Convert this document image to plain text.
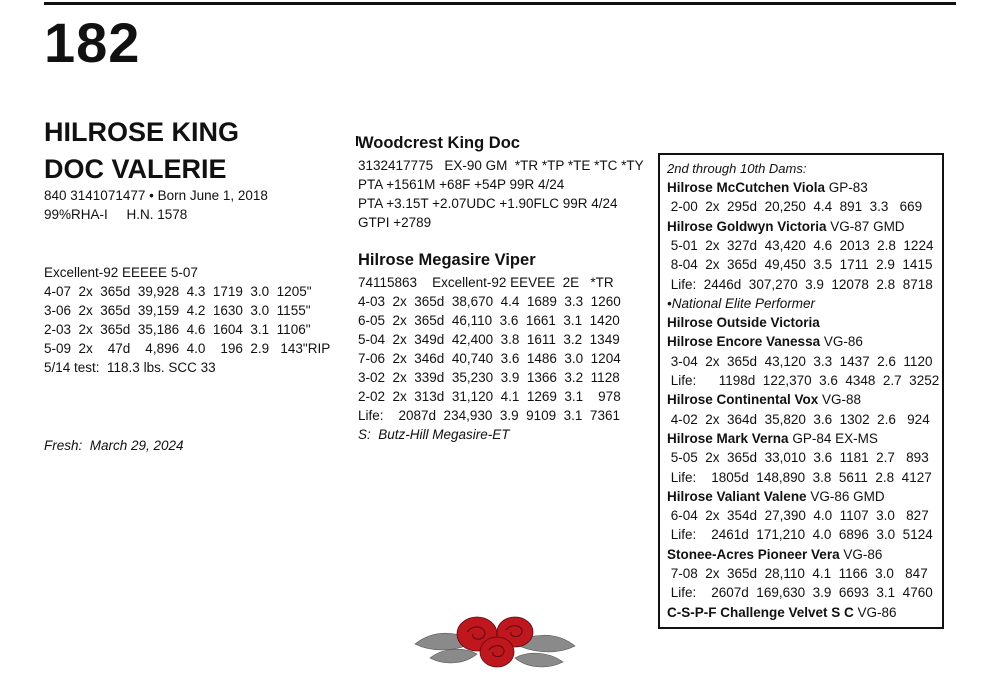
182
HILROSE KING
DOC VALERIE
840 3141071477 • Born June 1, 2018
99%RHA-I     H.N. 1578
Excellent-92 EEEEE 5-07
4-07  2x  365d  39,928  4.3  1719  3.0  1205"
3-06  2x  365d  39,159  4.2  1630  3.0  1155"
2-03  2x  365d  35,186  4.6  1604  3.1  1106"
5-09  2x    47d    4,896  4.0    196  2.9   143"RIP
5/14 test:  118.3 lbs. SCC 33
Fresh:  March 29, 2024
Woodcrest King Doc
3132417775   EX-90 GM  *TR *TP *TE *TC *TY
PTA +1561M +68F +54P 99R 4/24
PTA +3.15T +2.07UDC +1.90FLC 99R 4/24
GTPI +2789
Hilrose Megasire Viper
74115863    Excellent-92 EEVEE  2E   *TR
4-03  2x  365d  38,670  4.4  1689  3.3  1260
6-05  2x  365d  46,110  3.6  1661  3.1  1420
5-04  2x  349d  42,400  3.8  1611  3.2  1349
7-06  2x  346d  40,740  3.6  1486  3.0  1204
3-02  2x  339d  35,230  3.9  1366  3.2  1128
2-02  2x  313d  31,120  4.1  1269  3.1    978
Life:    2087d  234,930  3.9  9109  3.1  7361
S:  Butz-Hill Megasire-ET
2nd through 10th Dams:
Hilrose McCutchen Viola GP-83
2-00  2x  295d  20,250  4.4  891  3.3   669
Hilrose Goldwyn Victoria VG-87 GMD
5-01  2x  327d  43,420  4.6  2013  2.8  1224
8-04  2x  365d  49,450  3.5  1711  2.9  1415
Life:  2446d  307,270  3.9  12078  2.8  8718
•National Elite Performer
Hilrose Outside Victoria
Hilrose Encore Vanessa VG-86
3-04  2x  365d  43,120  3.3  1437  2.6  1120
Life:      1198d  122,370  3.6  4348  2.7  3252
Hilrose Continental Vox VG-88
4-02  2x  364d  35,820  3.6  1302  2.6   924
Hilrose Mark Verna GP-84 EX-MS
5-05  2x  365d  33,010  3.6  1181  2.7   893
Life:    1805d  148,890  3.8  5611  2.8  4127
Hilrose Valiant Valene VG-86 GMD
6-04  2x  354d  27,390  4.0  1107  3.0   827
Life:    2461d  171,210  4.0  6896  3.0  5124
Stonee-Acres Pioneer Vera VG-86
7-08  2x  365d  28,110  4.1  1166  3.0   847
Life:    2607d  169,630  3.9  6693  3.1  4760
C-S-P-F Challenge Velvet S C VG-86
